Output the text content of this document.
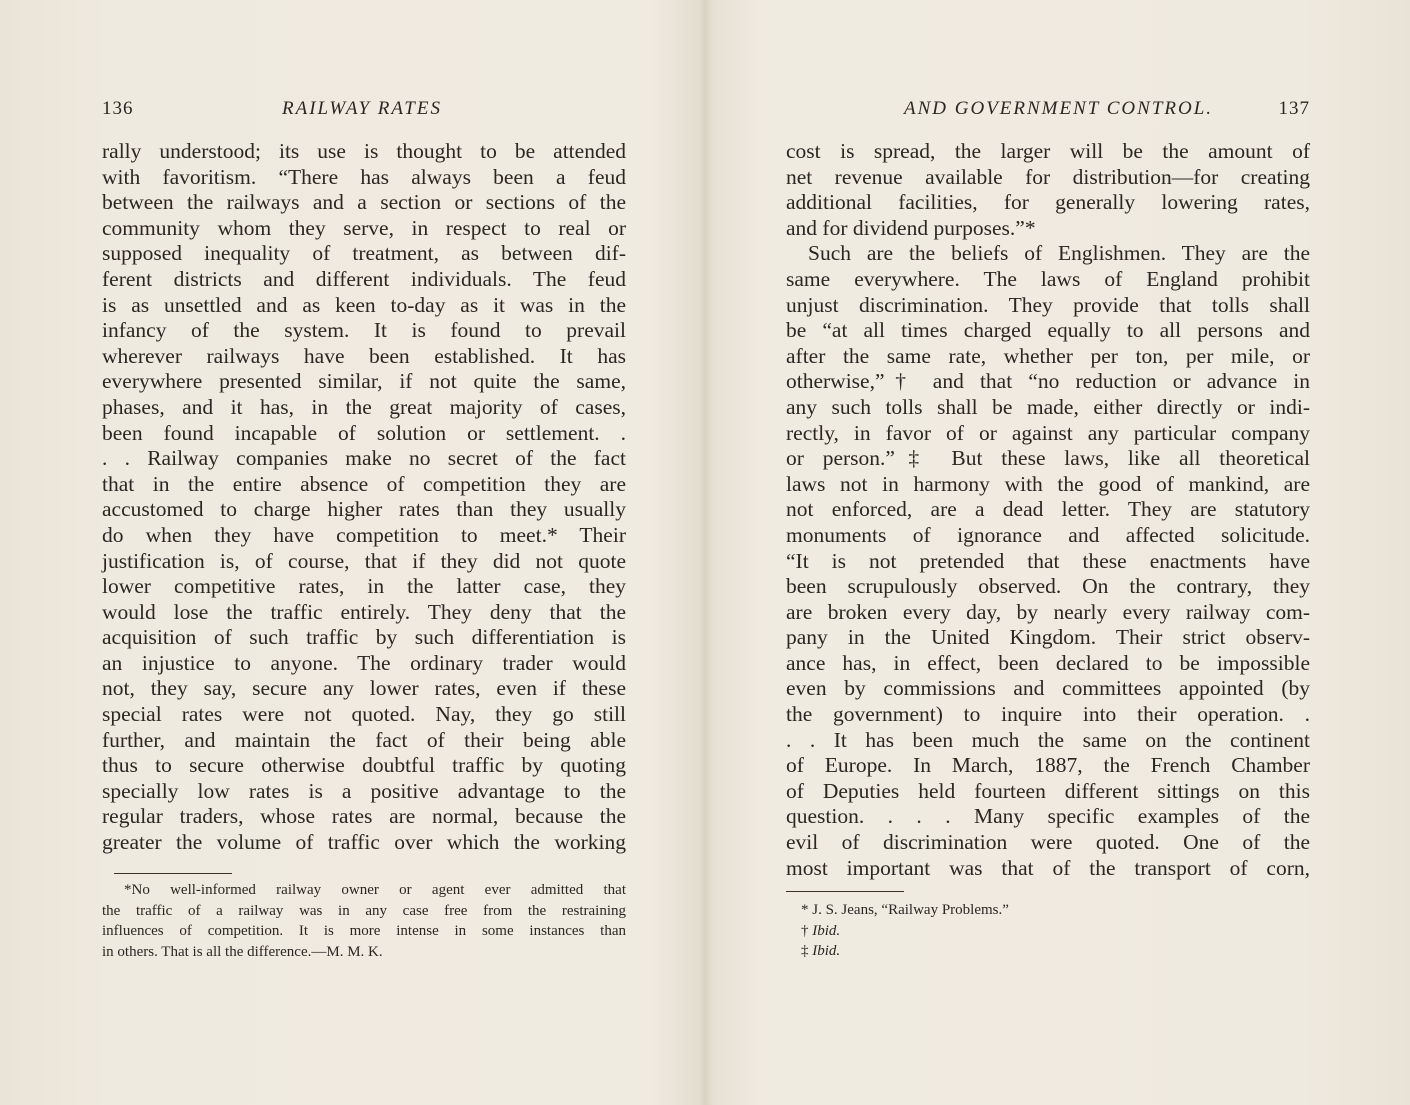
136	RAILWAY RATES
rally understood; its use is thought to be attended
with favoritism. “There has always been a feud
between the railways and a section or sections of the
community whom they serve, in respect to real or
supposed inequality of treatment, as between dif-
ferent districts and different individuals. The feud
is as unsettled and as keen to-day as it was in the
infancy of the system. It is found to prevail
wherever railways have been established. It has
everywhere presented similar, if not quite the same,
phases, and it has, in the great majority of cases,
been found incapable of solution or settlement. .
. . Railway companies make no secret of the fact
that in the entire absence of competition they are
accustomed to charge higher rates than they usually
do when they have competition to meet.* Their
justification is, of course, that if they did not quote
lower competitive rates, in the latter case, they
would lose the traffic entirely. They deny that the
acquisition of such traffic by such differentiation is
an injustice to anyone. The ordinary trader would
not, they say, secure any lower rates, even if these
special rates were not quoted. Nay, they go still
further, and maintain the fact of their being able
thus to secure otherwise doubtful traffic by quoting
specially low rates is a positive advantage to the
regular traders, whose rates are normal, because the
greater the volume of traffic over which the working
*No well-informed railway owner or agent ever admitted that
the traffic of a railway was in any case free from the restraining
influences of competition. It is more intense in some instances than
in others. That is all the difference.—M. M. K.
AND GOVERNMENT CONTROL.	137
cost is spread, the larger will be the amount of
net revenue available for distribution—for creating
additional facilities, for generally lowering rates,
and for dividend purposes.”*
Such are the beliefs of Englishmen. They are the
same everywhere. The laws of England prohibit
unjust discrimination. They provide that tolls shall
be “at all times charged equally to all persons and
after the same rate, whether per ton, per mile, or
otherwise,”† and that “no reduction or advance in
any such tolls shall be made, either directly or indi-
rectly, in favor of or against any particular company
or person.”‡ But these laws, like all theoretical
laws not in harmony with the good of mankind, are
not enforced, are a dead letter. They are statutory
monuments of ignorance and affected solicitude.
“It is not pretended that these enactments have
been scrupulously observed. On the contrary, they
are broken every day, by nearly every railway com-
pany in the United Kingdom. Their strict observ-
ance has, in effect, been declared to be impossible
even by commissions and committees appointed (by
the government) to inquire into their operation. .
. . It has been much the same on the continent
of Europe. In March, 1887, the French Chamber
of Deputies held fourteen different sittings on this
question. . . . Many specific examples of the
evil of discrimination were quoted. One of the
most important was that of the transport of corn,
* J. S. Jeans, “Railway Problems.”
† Ibid.
‡ Ibid.
